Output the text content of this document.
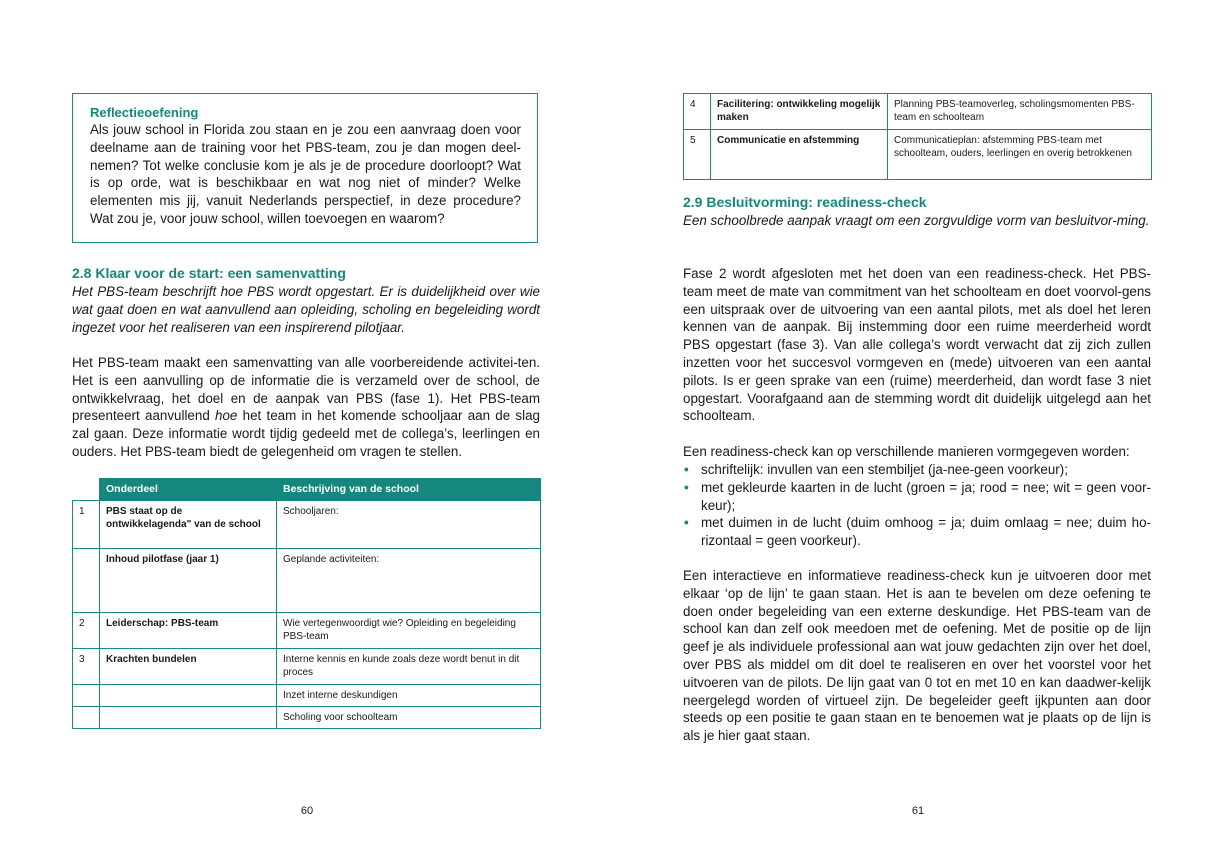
Reflectieoefening
Als jouw school in Florida zou staan en je zou een aanvraag doen voor deelname aan de training voor het PBS-team, zou je dan mogen deel-nemen? Tot welke conclusie kom je als je de procedure doorloopt? Wat is op orde, wat is beschikbaar en wat nog niet of minder? Welke elementen mis jij, vanuit Nederlands perspectief, in deze procedure? Wat zou je, voor jouw school, willen toevoegen en waarom?
2.8 Klaar voor de start: een samenvatting
Het PBS-team beschrijft hoe PBS wordt opgestart. Er is duidelijkheid over wie wat gaat doen en wat aanvullend aan opleiding, scholing en begeleiding wordt ingezet voor het realiseren van een inspirerend pilotjaar.
Het PBS-team maakt een samenvatting van alle voorbereidende activitei-ten. Het is een aanvulling op de informatie die is verzameld over de school, de ontwikkelvraag, het doel en de aanpak van PBS (fase 1). Het PBS-team presenteert aanvullend hoe het team in het komende schooljaar aan de slag zal gaan. Deze informatie wordt tijdig gedeeld met de collega’s, leerlingen en ouders. Het PBS-team biedt de gelegenheid om vragen te stellen.
	Onderdeel	Beschrijving van de school
1	PBS staat op de ontwikkelagenda" van de school	Schooljaren:
	Inhoud pilotfase (jaar 1)	Geplande activiteiten:
2	Leiderschap: PBS-team	Wie vertegenwoordigt wie? Opleiding en begeleiding PBS-team
3	Krachten bundelen	Interne kennis en kunde zoals deze wordt benut in dit proces
		Inzet interne deskundigen
		Scholing voor schoolteam
60
4	Facilitering: ontwikkeling mogelijk maken	Planning PBS-teamoverleg, scholingsmomenten PBS-team en schoolteam
5	Communicatie en afstemming	Communicatieplan: afstemming PBS-team met schoolteam, ouders, leerlingen en overig betrokkenen
2.9 Besluitvorming: readiness-check
Een schoolbrede aanpak vraagt om een zorgvuldige vorm van besluitvor-ming.
Fase 2 wordt afgesloten met het doen van een readiness-check. Het PBS-team meet de mate van commitment van het schoolteam en doet voorvol-gens een uitspraak over de uitvoering van een aantal pilots, met als doel het leren kennen van de aanpak. Bij instemming door een ruime meerderheid wordt PBS opgestart (fase 3). Van alle collega’s wordt verwacht dat zij zich zullen inzetten voor het succesvol vormgeven en (mede) uitvoeren van een aantal pilots. Is er geen sprake van een (ruime) meerderheid, dan wordt fase 3 niet opgestart. Voorafgaand aan de stemming wordt dit duidelijk uitgelegd aan het schoolteam.
Een readiness-check kan op verschillende manieren vormgegeven worden:
• schriftelijk: invullen van een stembiljet (ja-nee-geen voorkeur);
• met gekleurde kaarten in de lucht (groen = ja; rood = nee; wit = geen voor-keur);
• met duimen in de lucht (duim omhoog = ja; duim omlaag = nee; duim ho-rizontaal = geen voorkeur).
Een interactieve en informatieve readiness-check kun je uitvoeren door met elkaar ‘op de lijn’ te gaan staan. Het is aan te bevelen om deze oefening te doen onder begeleiding van een externe deskundige. Het PBS-team van de school kan dan zelf ook meedoen met de oefening. Met de positie op de lijn geef je als individuele professional aan wat jouw gedachten zijn over het doel, over PBS als middel om dit doel te realiseren en over het voorstel voor het uitvoeren van de pilots. De lijn gaat van 0 tot en met 10 en kan daadwer-kelijk neergelegd worden of virtueel zijn. De begeleider geeft ijkpunten aan door steeds op een positie te gaan staan en te benoemen wat je plaats op de lijn is als je hier gaat staan.
61
